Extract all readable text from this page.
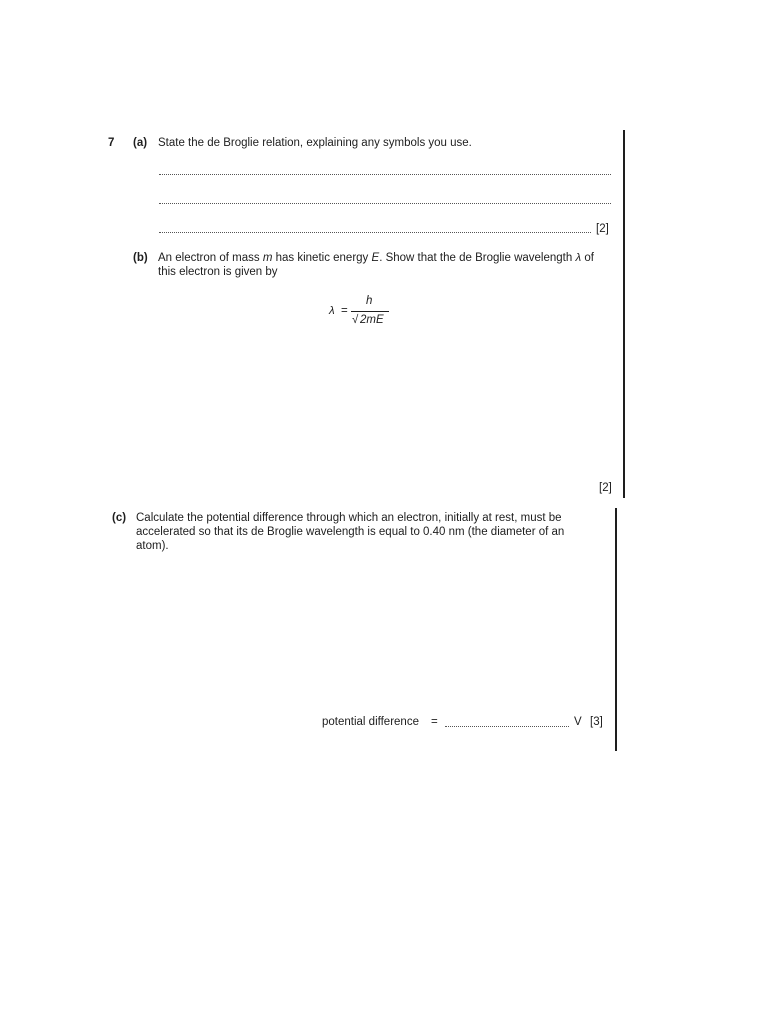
7 (a) State the de Broglie relation, explaining any symbols you use.
[2]
(b) An electron of mass m has kinetic energy E. Show that the de Broglie wavelength λ of
this electron is given by
λ =
h
√ 2mE
[2]
(c) Calculate the potential difference through which an electron, initially at rest, must be
accelerated so that its de Broglie wavelength is equal to 0.40 nm (the diameter of an
atom).
potential difference =	V [3]
